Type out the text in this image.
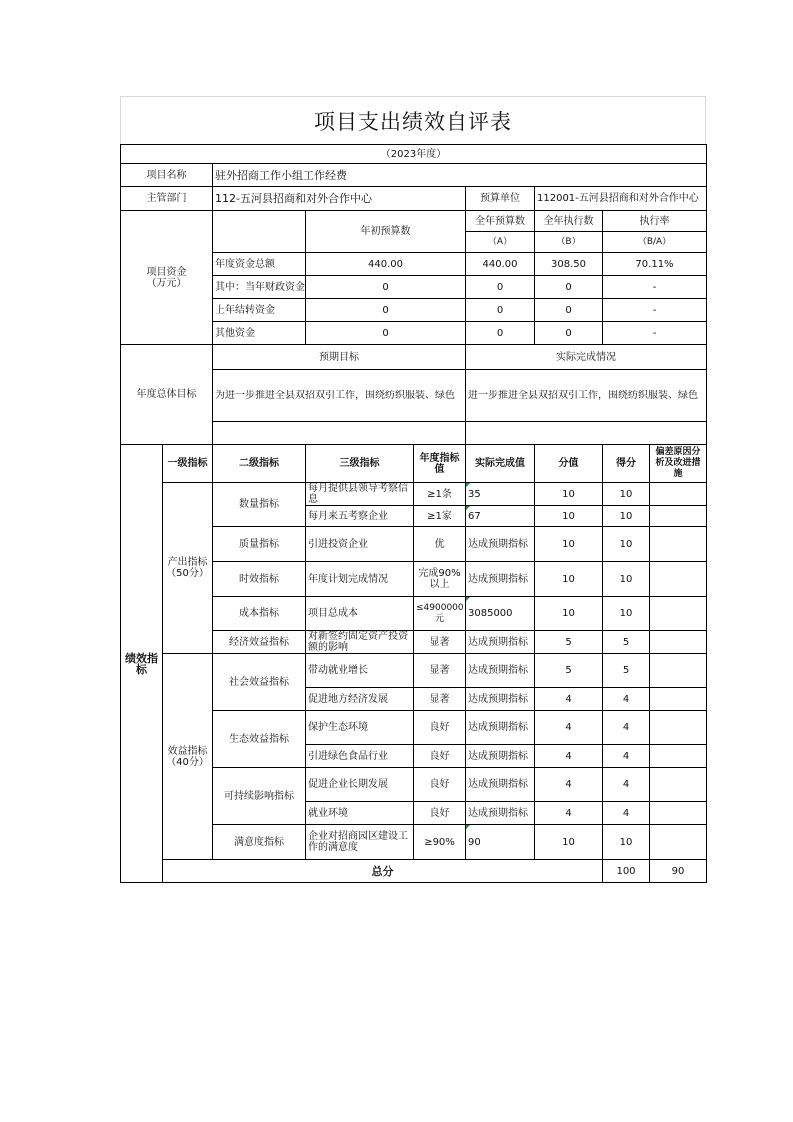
项目支出绩效自评表
（2023年度）									
项目名称		驻外招商工作小组工作经费							
主管部门		112-五河县招商和对外合作中心			预算单位	112001-五河县招商和对外合作中心			
项目资金
（万元）			年初预算数		全年预算数	全年执行数	执行率		
					（A）	（B）	（B/A）		
		年度资金总额	440.00		440.00	308.50	70.11%		
		其中：当年财政资金	0		0	0	-		
		上年结转资金	0		0	0	-		
		其他资金	0		0	0	-		
年度总体目标		预期目标			实际完成情况				

		为进一步推进全县双招双引工作，围绕纺织服装、绿色			进一步推进全县双招双引工作，围绕纺织服装、绿色				

绩效指标	一级指标	二级指标	三级指标	年度指标值	实际完成值	分值	得分	偏差原因分析及改进措施	
	产出指标
（50分）	数量指标	每月提供县领导考察信息	≥1条	35	10	10		
			每月来五考察企业	≥1家	67	10	10		
		质量指标	引进投资企业	优	达成预期指标	10	10		
		时效指标	年度计划完成情况	完成90%以上	达成预期指标	10	10		
		成本指标	项目总成本	≤4900000元	3085000	10	10		
		经济效益指标	对新签约固定资产投资额的影响	显著	达成预期指标	5	5		
	效益指标
（40分）	社会效益指标	带动就业增长	显著	达成预期指标	5	5		
			促进地方经济发展	显著	达成预期指标	4	4		
		生态效益指标	保护生态环境	良好	达成预期指标	4	4		
			引进绿色食品行业	良好	达成预期指标	4	4		
		可持续影响指标	促进企业长期发展	良好	达成预期指标	4	4		
			就业环境	良好	达成预期指标	4	4		
		满意度指标	企业对招商园区建设工作的满意度	≥90%	90	10	10		
	总分						100	90	
